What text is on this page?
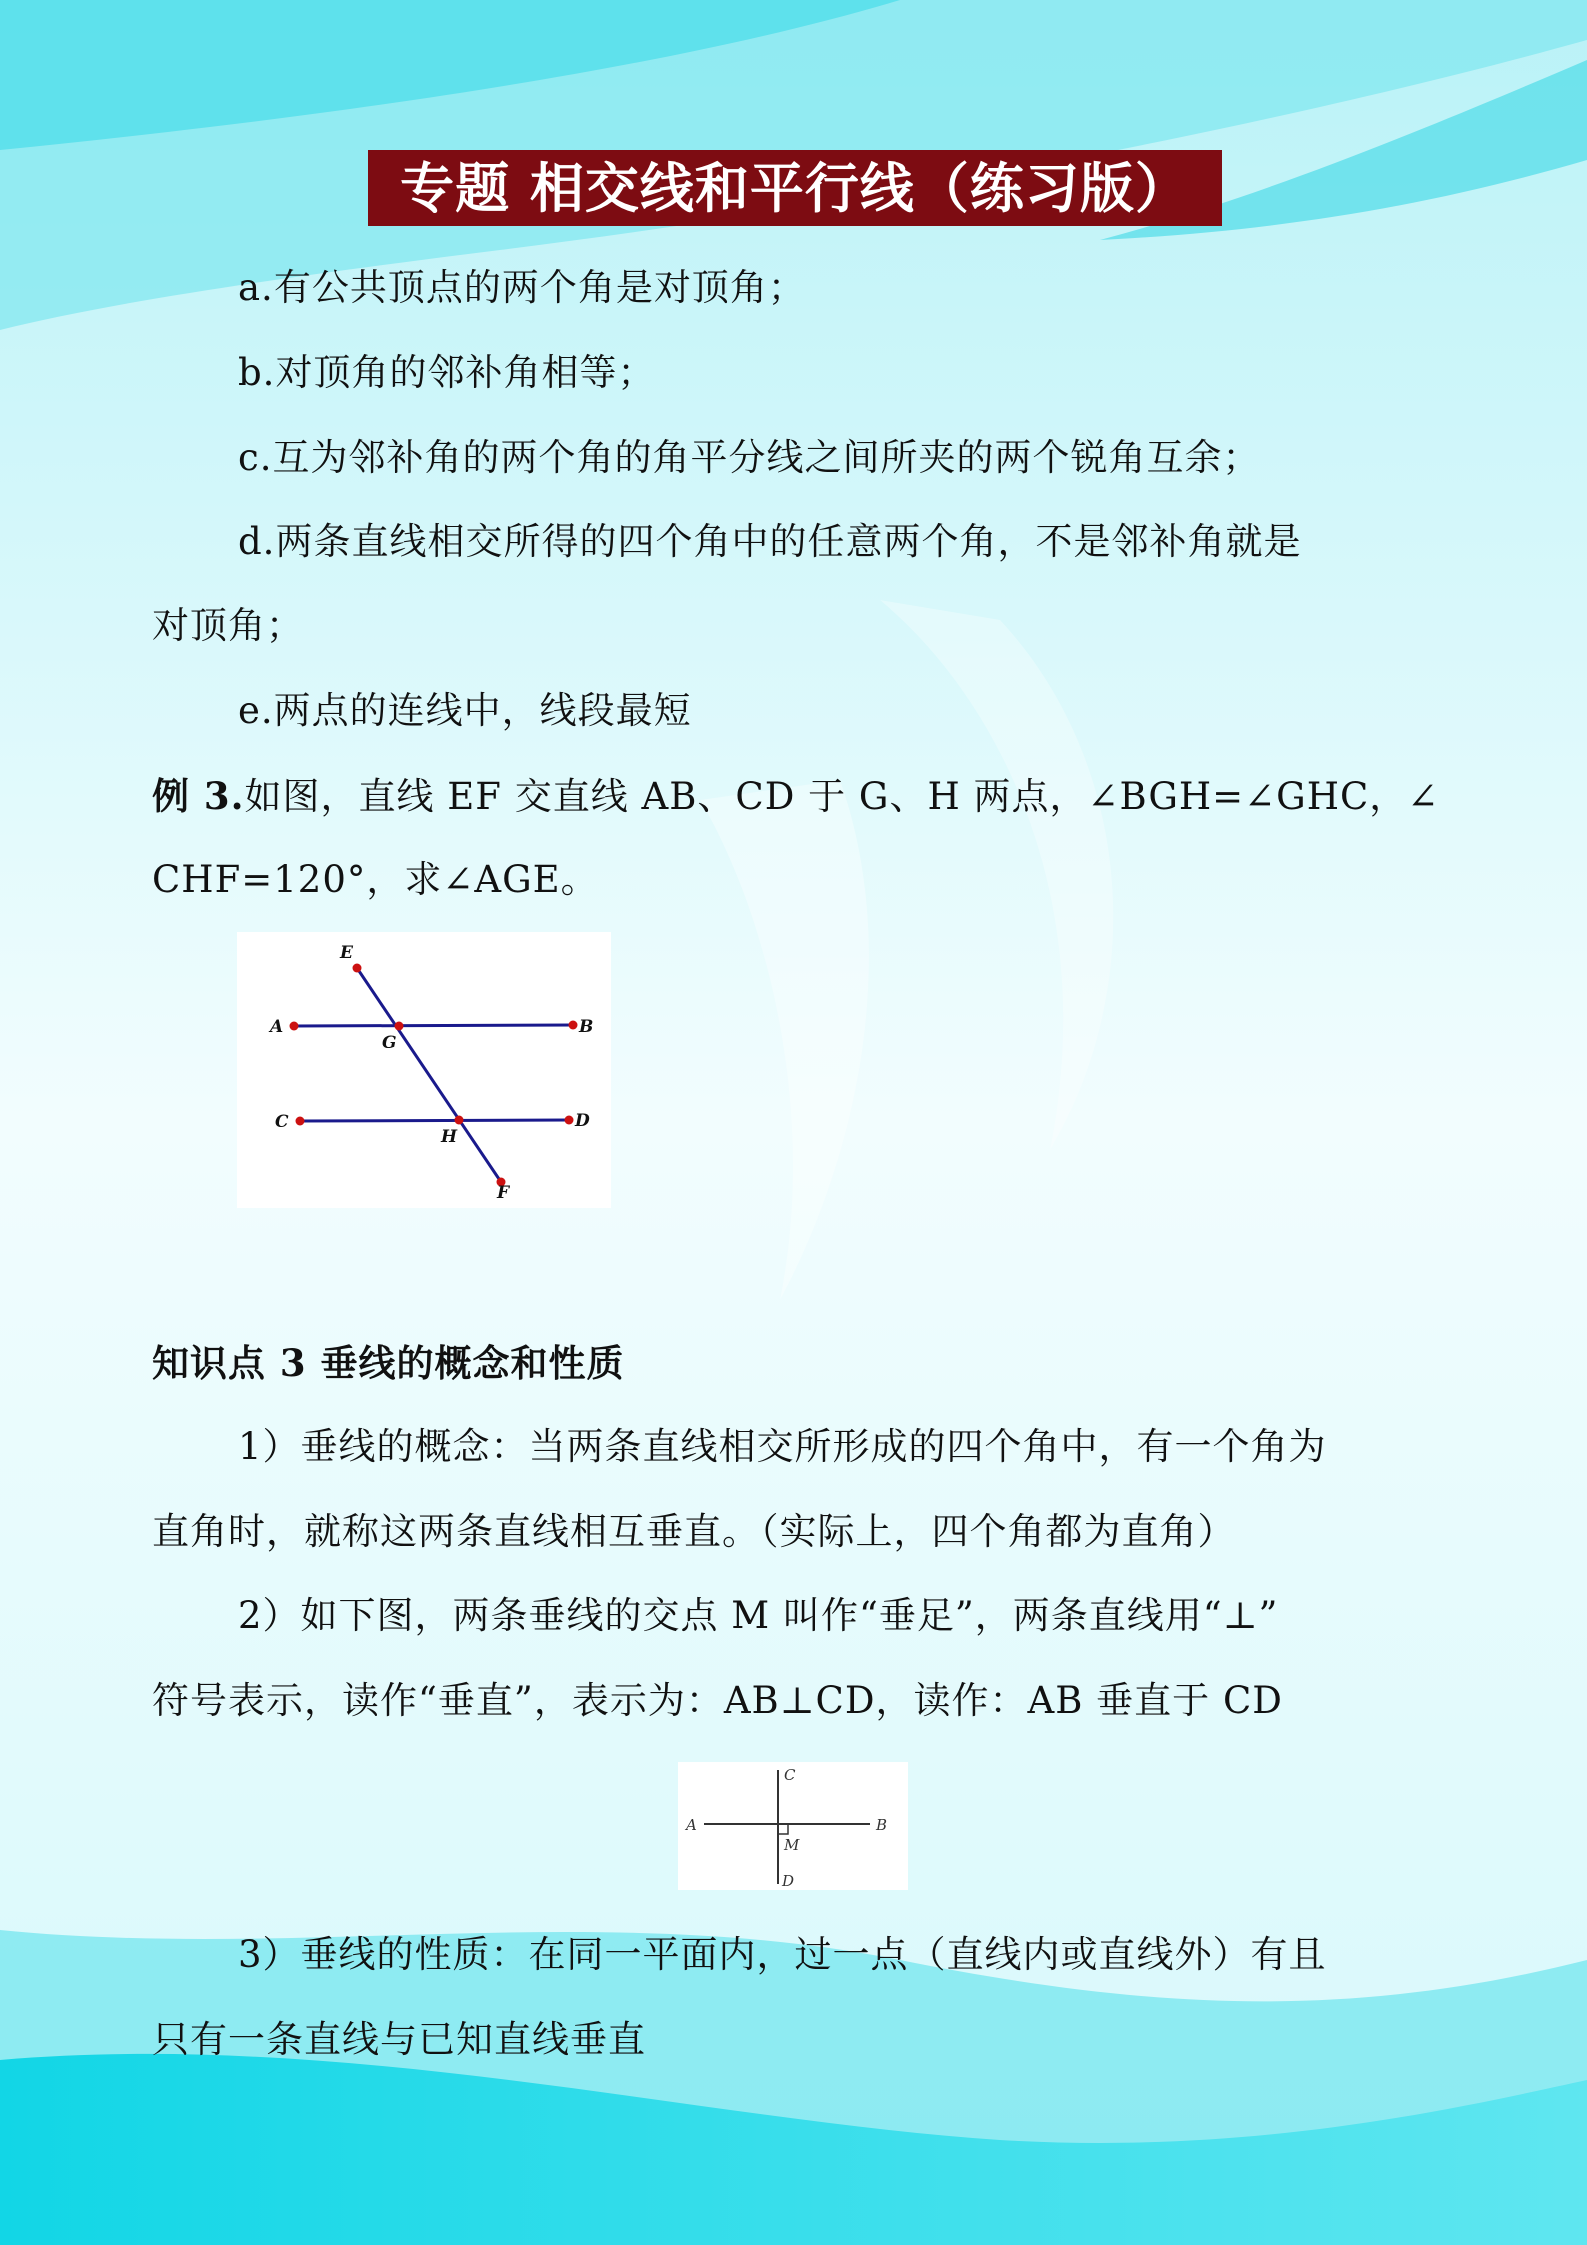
专题 相交线和平行线（练习版）
a.有公共顶点的两个角是对顶角；
b.对顶角的邻补角相等；
c.互为邻补角的两个角的角平分线之间所夹的两个锐角互余；
d.两条直线相交所得的四个角中的任意两个角，不是邻补角就是
对顶角；
e.两点的连线中，线段最短
例 3.如图，直线 EF 交直线 AB、CD 于 G、H 两点，∠BGH=∠GHC，∠
CHF=120°，求∠AGE。
E
A	B
G
C	D
H
F
知识点 3 垂线的概念和性质
1）垂线的概念：当两条直线相交所形成的四个角中，有一个角为
直角时，就称这两条直线相互垂直。（实际上，四个角都为直角）
2）如下图，两条垂线的交点 M 叫作“垂足”，两条直线用“⊥”
符号表示，读作“垂直”，表示为：AB⊥CD，读作：AB 垂直于 CD
A	B
C
D
M
3）垂线的性质：在同一平面内，过一点（直线内或直线外）有且
只有一条直线与已知直线垂直
